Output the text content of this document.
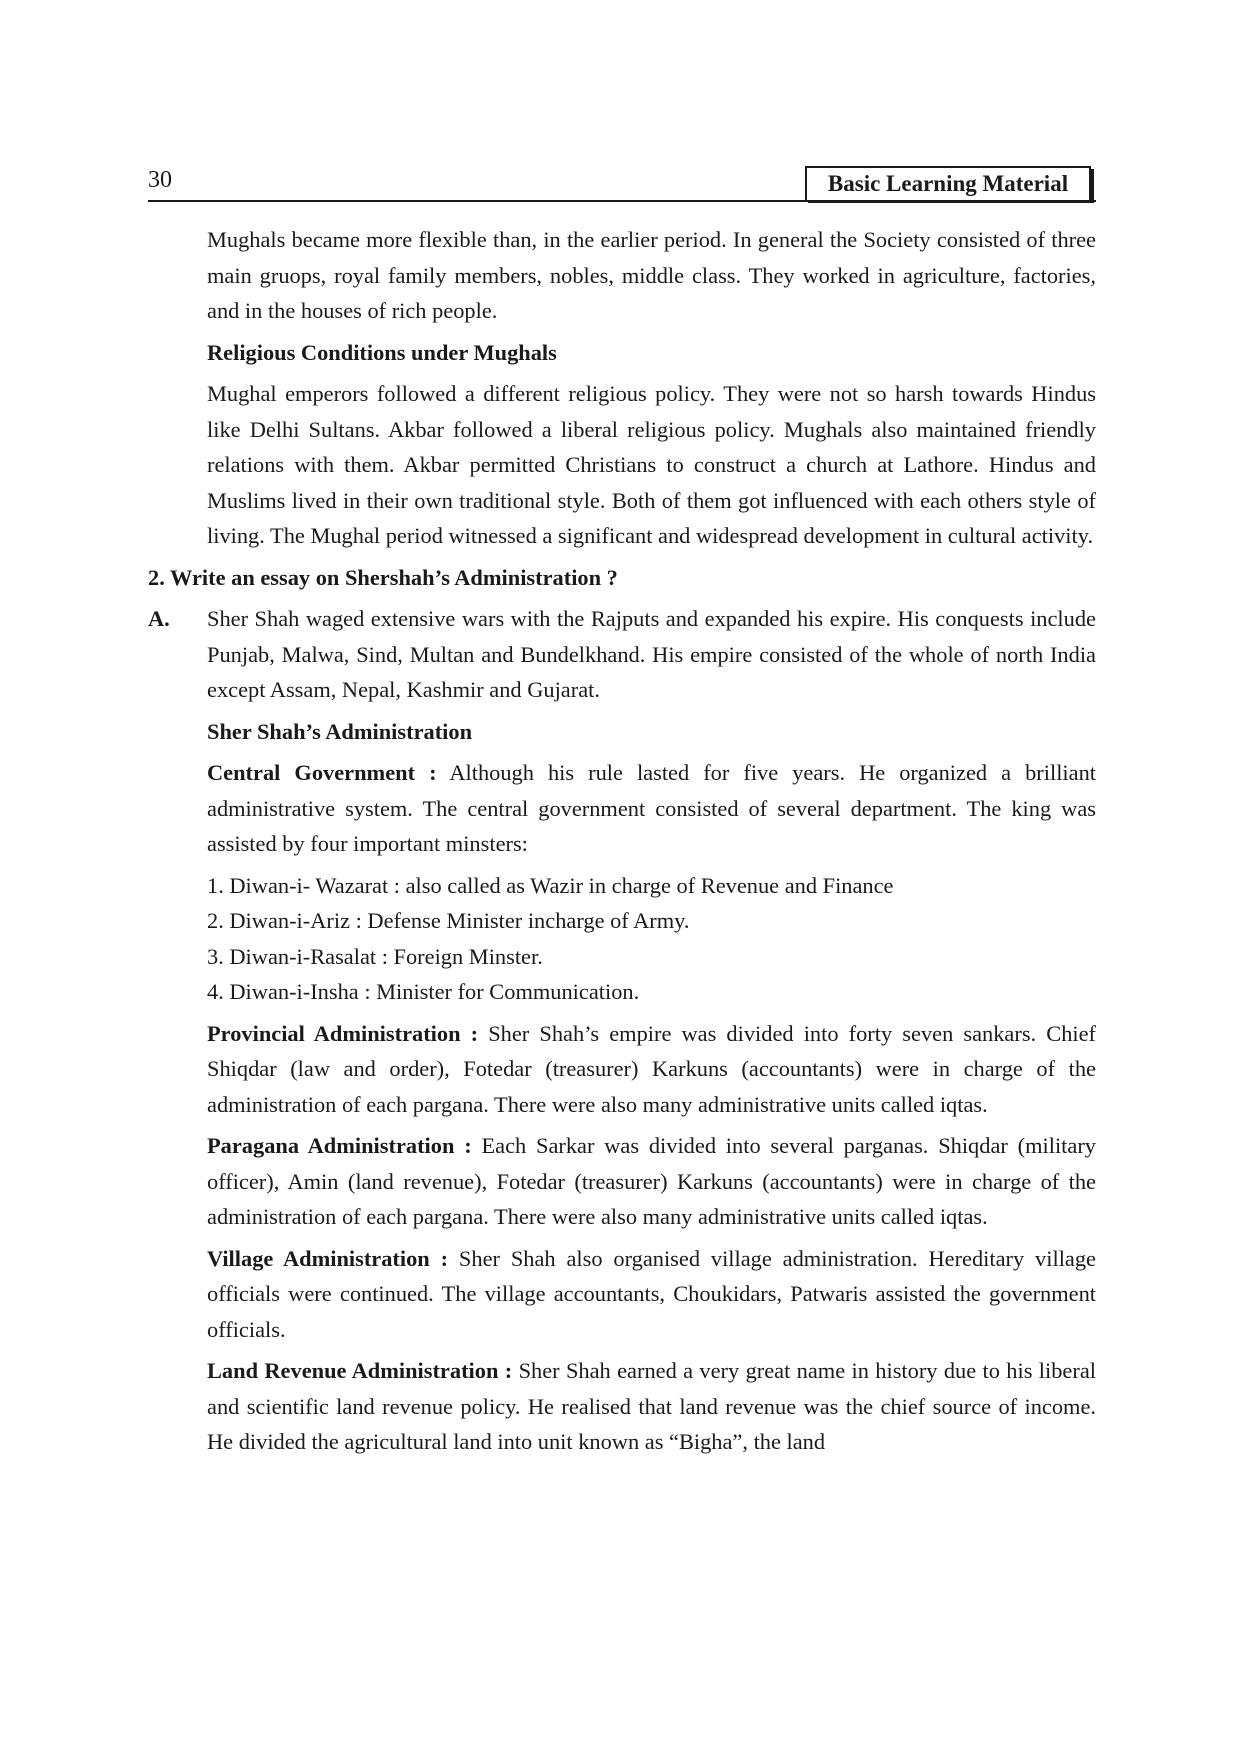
30	Basic Learning Material

Mughals became more flexible than, in the earlier period. In general the Society consisted of three main gruops, royal family members, nobles, middle class. They worked in agriculture, factories, and in the houses of rich people.

Religious Conditions under Mughals

Mughal emperors followed a different religious policy. They were not so harsh towards Hindus like Delhi Sultans. Akbar followed a liberal religious policy. Mughals also maintained friendly relations with them. Akbar permitted Christians to construct a church at Lathore. Hindus and Muslims lived in their own traditional style. Both of them got influenced with each others style of living. The Mughal period witnessed a significant and widespread development in cultural activity.

2. Write an essay on Shershah’s Administration ?
A.	Sher Shah waged extensive wars with the Rajputs and expanded his expire. His conquests include Punjab, Malwa, Sind, Multan and Bundelkhand. His empire consisted of the whole of north India except Assam, Nepal, Kashmir and Gujarat.
Sher Shah’s Administration

Central Government : Although his rule lasted for five years. He organized a brilliant administrative system. The central government consisted of several department. The king was assisted by four important minsters:

1. Diwan-i- Wazarat : also called as Wazir in charge of Revenue and Finance
2. Diwan-i-Ariz : Defense Minister incharge of Army.
3. Diwan-i-Rasalat : Foreign Minster.
4. Diwan-i-Insha : Minister for Communication.

Provincial Administration : Sher Shah’s empire was divided into forty seven sankars. Chief Shiqdar (law and order), Fotedar (treasurer) Karkuns (accountants) were in charge of the administration of each pargana. There were also many administrative units called iqtas.

Paragana Administration : Each Sarkar was divided into several parganas. Shiqdar (military officer), Amin (land revenue), Fotedar (treasurer) Karkuns (accountants) were in charge of the administration of each pargana. There were also many administrative units called iqtas.

Village Administration : Sher Shah also organised village administration. Hereditary village officials were continued. The village accountants, Choukidars, Patwaris assisted the government officials.

Land Revenue Administration : Sher Shah earned a very great name in history due to his liberal and scientific land revenue policy. He realised that land revenue was the chief source of income. He divided the agricultural land into unit known as “Bigha”, the land
